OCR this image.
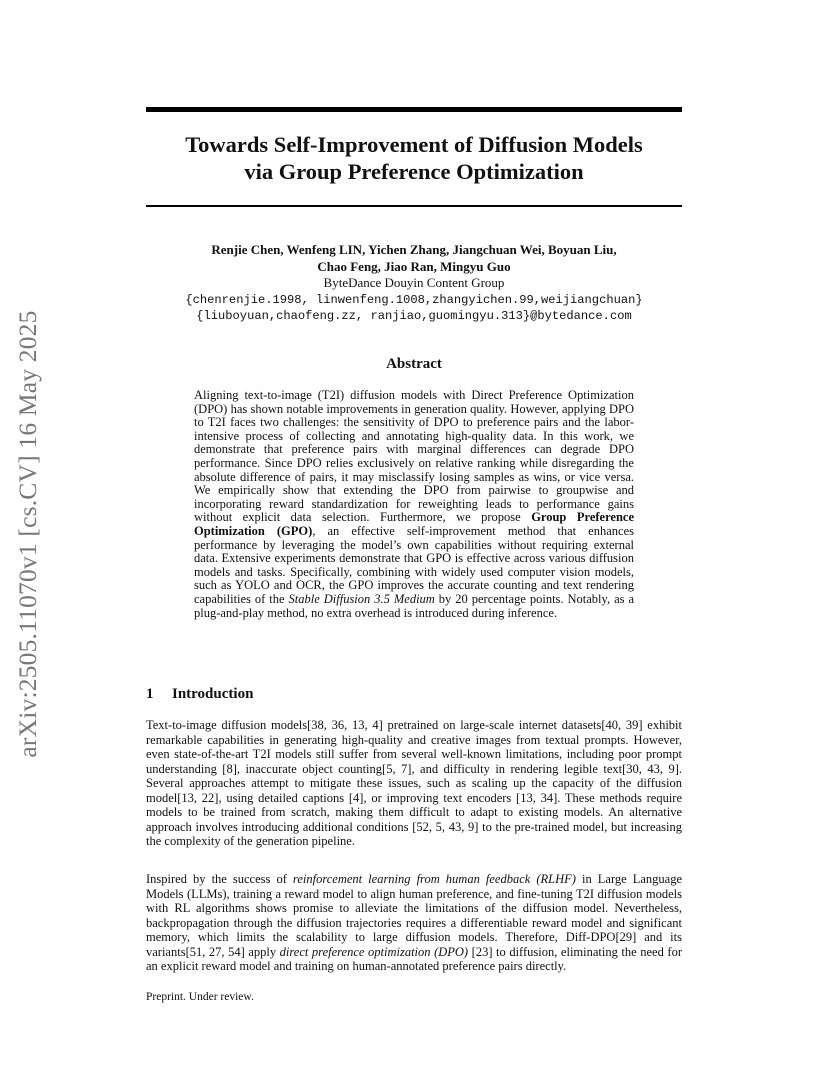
arXiv:2505.11070v1 [cs.CV] 16 May 2025
Towards Self-Improvement of Diffusion Models
via Group Preference Optimization
Renjie Chen, Wenfeng LIN, Yichen Zhang, Jiangchuan Wei, Boyuan Liu,
Chao Feng, Jiao Ran, Mingyu Guo
ByteDance Douyin Content Group
{chenrenjie.1998, linwenfeng.1008,zhangyichen.99,weijiangchuan}
{liuboyuan,chaofeng.zz, ranjiao,guomingyu.313}@bytedance.com
Abstract

Aligning text-to-image (T2I) diffusion models with Direct Preference Optimization (DPO) has shown notable improvements in generation quality. However, applying DPO to T2I faces two challenges: the sensitivity of DPO to preference pairs and the labor-intensive process of collecting and annotating high-quality data. In this work, we demonstrate that preference pairs with marginal differences can degrade DPO performance. Since DPO relies exclusively on relative ranking while disregarding the absolute difference of pairs, it may misclassify losing samples as wins, or vice versa. We empirically show that extending the DPO from pairwise to groupwise and incorporating reward standardization for reweighting leads to performance gains without explicit data selection. Furthermore, we propose Group Preference Optimization (GPO), an effective self-improvement method that enhances performance by leveraging the model’s own capabilities without requiring external data. Extensive experiments demonstrate that GPO is effective across various diffusion models and tasks. Specifically, combining with widely used computer vision models, such as YOLO and OCR, the GPO improves the accurate counting and text rendering capabilities of the Stable Diffusion 3.5 Medium by 20 percentage points. Notably, as a plug-and-play method, no extra overhead is introduced during inference.

1 Introduction

Text-to-image diffusion models[38, 36, 13, 4] pretrained on large-scale internet datasets[40, 39] exhibit remarkable capabilities in generating high-quality and creative images from textual prompts. However, even state-of-the-art T2I models still suffer from several well-known limitations, including poor prompt understanding [8], inaccurate object counting[5, 7], and difficulty in rendering legible text[30, 43, 9]. Several approaches attempt to mitigate these issues, such as scaling up the capacity of the diffusion model[13, 22], using detailed captions [4], or improving text encoders [13, 34]. These methods require models to be trained from scratch, making them difficult to adapt to existing models. An alternative approach involves introducing additional conditions [52, 5, 43, 9] to the pre-trained model, but increasing the complexity of the generation pipeline.

Inspired by the success of reinforcement learning from human feedback (RLHF) in Large Language Models (LLMs), training a reward model to align human preference, and fine-tuning T2I diffusion models with RL algorithms shows promise to alleviate the limitations of the diffusion model. Nevertheless, backpropagation through the diffusion trajectories requires a differentiable reward model and significant memory, which limits the scalability to large diffusion models. Therefore, Diff-DPO[29] and its variants[51, 27, 54] apply direct preference optimization (DPO) [23] to diffusion, eliminating the need for an explicit reward model and training on human-annotated preference pairs directly.

Preprint. Under review.
